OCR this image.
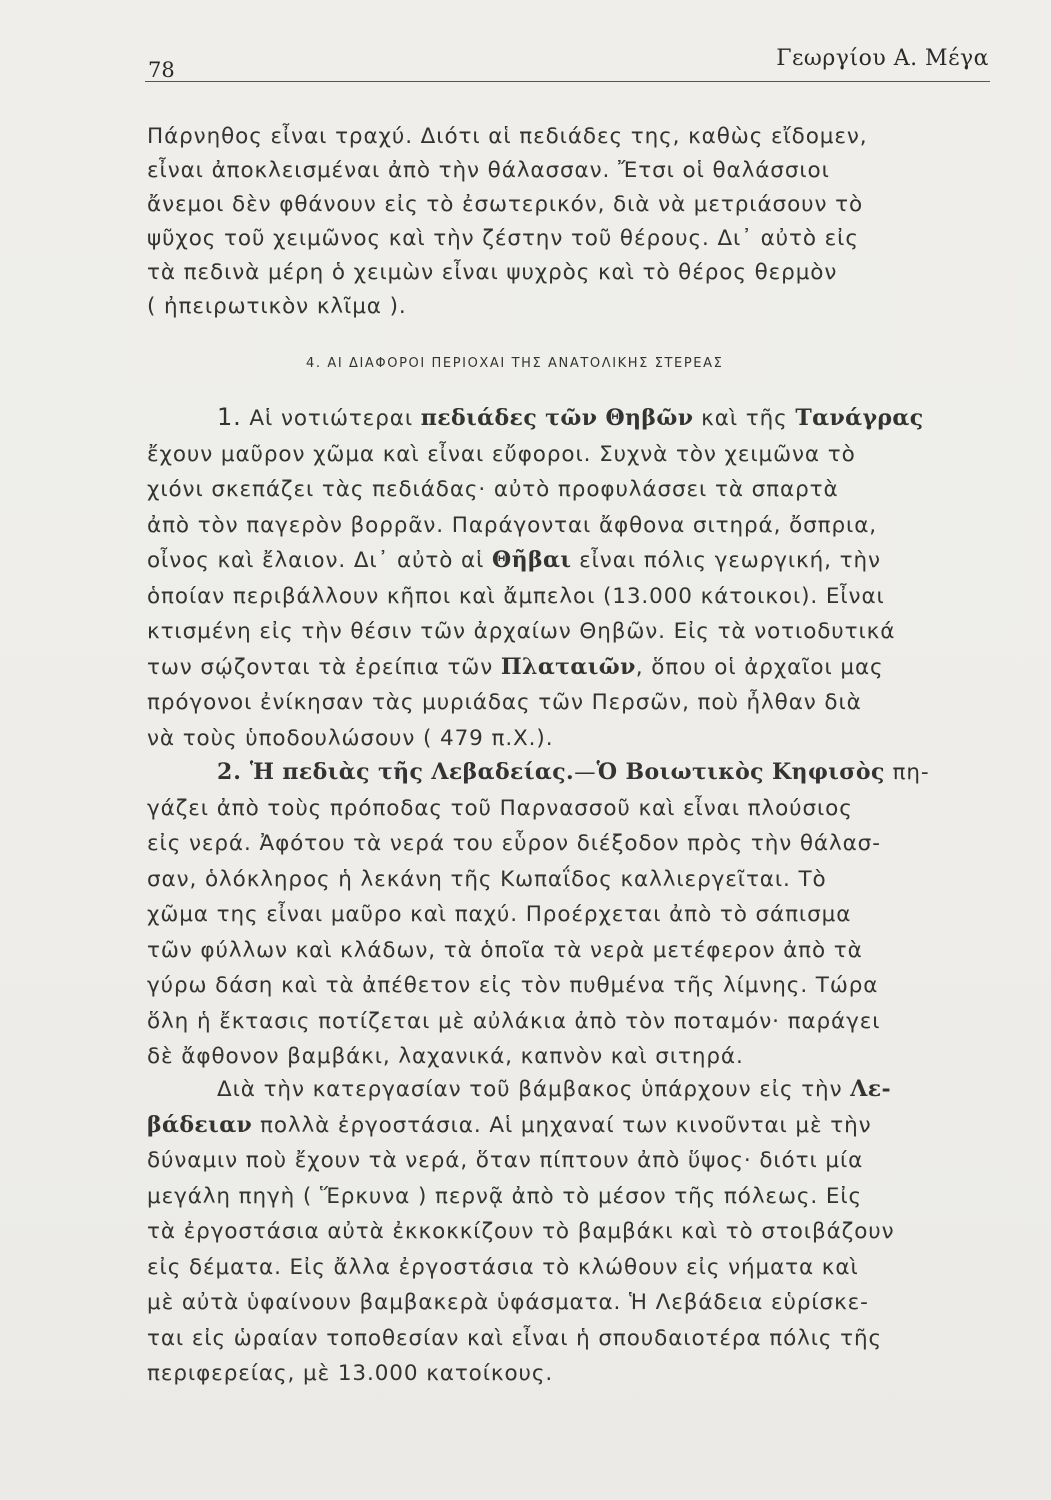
78	Γεωργίου Α. Μέγα
Πάρνηθος εἶναι τραχύ. Διότι αἱ πεδιάδες της, καθὼς εἴδομεν,
εἶναι ἀποκλεισμέναι ἀπὸ τὴν θάλασσαν. Ἔτσι οἱ θαλάσσιοι
ἄνεμοι δὲν φθάνουν εἰς τὸ ἐσωτερικόν, διὰ νὰ μετριάσουν τὸ
ψῦχος τοῦ χειμῶνος καὶ τὴν ζέστην τοῦ θέρους. Δι᾽ αὐτὸ εἰς
τὰ πεδινὰ μέρη ὁ χειμὼν εἶναι ψυχρὸς καὶ τὸ θέρος θερμὸν
( ἠπειρωτικὸν κλῖμα ).
4. ΑΙ ΔΙΑΦΟΡΟΙ ΠΕΡΙΟΧΑΙ ΤΗΣ ΑΝΑΤΟΛΙΚΗΣ ΣΤΕΡΕΑΣ
1. Αἱ νοτιώτεραι πεδιάδες τῶν Θηβῶν καὶ τῆς Τανάγρας
ἔχουν μαῦρον χῶμα καὶ εἶναι εὔφοροι. Συχνὰ τὸν χειμῶνα τὸ
χιόνι σκεπάζει τὰς πεδιάδας· αὐτὸ προφυλάσσει τὰ σπαρτὰ
ἀπὸ τὸν παγερὸν βορρᾶν. Παράγονται ἄφθονα σιτηρά, ὄσπρια,
οἶνος καὶ ἔλαιον. Δι᾽ αὐτὸ αἱ Θῆβαι εἶναι πόλις γεωργική, τὴν
ὁποίαν περιβάλλουν κῆποι καὶ ἄμπελοι (13.000 κάτοικοι). Εἶναι
κτισμένη εἰς τὴν θέσιν τῶν ἀρχαίων Θηβῶν. Εἰς τὰ νοτιοδυτικά
των σῴζονται τὰ ἐρείπια τῶν Πλαταιῶν, ὅπου οἱ ἀρχαῖοι μας
πρόγονοι ἐνίκησαν τὰς μυριάδας τῶν Περσῶν, ποὺ ἦλθαν διὰ
νὰ τοὺς ὑποδουλώσουν ( 479 π.Χ.).
2. Ἡ πεδιὰς τῆς Λεβαδείας.—Ὁ Βοιωτικὸς Κηφισὸς πη-
γάζει ἀπὸ τοὺς πρόποδας τοῦ Παρνασσοῦ καὶ εἶναι πλούσιος
εἰς νερά. Ἀφότου τὰ νερά του εὗρον διέξοδον πρὸς τὴν θάλασ-
σαν, ὁλόκληρος ἡ λεκάνη τῆς Κωπαΐδος καλλιεργεῖται. Τὸ
χῶμα της εἶναι μαῦρο καὶ παχύ. Προέρχεται ἀπὸ τὸ σάπισμα
τῶν φύλλων καὶ κλάδων, τὰ ὁποῖα τὰ νερὰ μετέφερον ἀπὸ τὰ
γύρω δάση καὶ τὰ ἀπέθετον εἰς τὸν πυθμένα τῆς λίμνης. Τώρα
ὅλη ἡ ἔκτασις ποτίζεται μὲ αὐλάκια ἀπὸ τὸν ποταμόν· παράγει
δὲ ἄφθονον βαμβάκι, λαχανικά, καπνὸν καὶ σιτηρά.
Διὰ τὴν κατεργασίαν τοῦ βάμβακος ὑπάρχουν εἰς τὴν Λε-
βάδειαν πολλὰ ἐργοστάσια. Αἱ μηχαναί των κινοῦνται μὲ τὴν
δύναμιν ποὺ ἔχουν τὰ νερά, ὅταν πίπτουν ἀπὸ ὕψος· διότι μία
μεγάλη πηγὴ ( Ἕρκυνα ) περνᾷ ἀπὸ τὸ μέσον τῆς πόλεως. Εἰς
τὰ ἐργοστάσια αὐτὰ ἐκκοκκίζουν τὸ βαμβάκι καὶ τὸ στοιβάζουν
εἰς δέματα. Εἰς ἄλλα ἐργοστάσια τὸ κλώθουν εἰς νήματα καὶ
μὲ αὐτὰ ὑφαίνουν βαμβακερὰ ὑφάσματα. Ἡ Λεβάδεια εὑρίσκε-
ται εἰς ὡραίαν τοποθεσίαν καὶ εἶναι ἡ σπουδαιοτέρα πόλις τῆς
περιφερείας, μὲ 13.000 κατοίκους.
